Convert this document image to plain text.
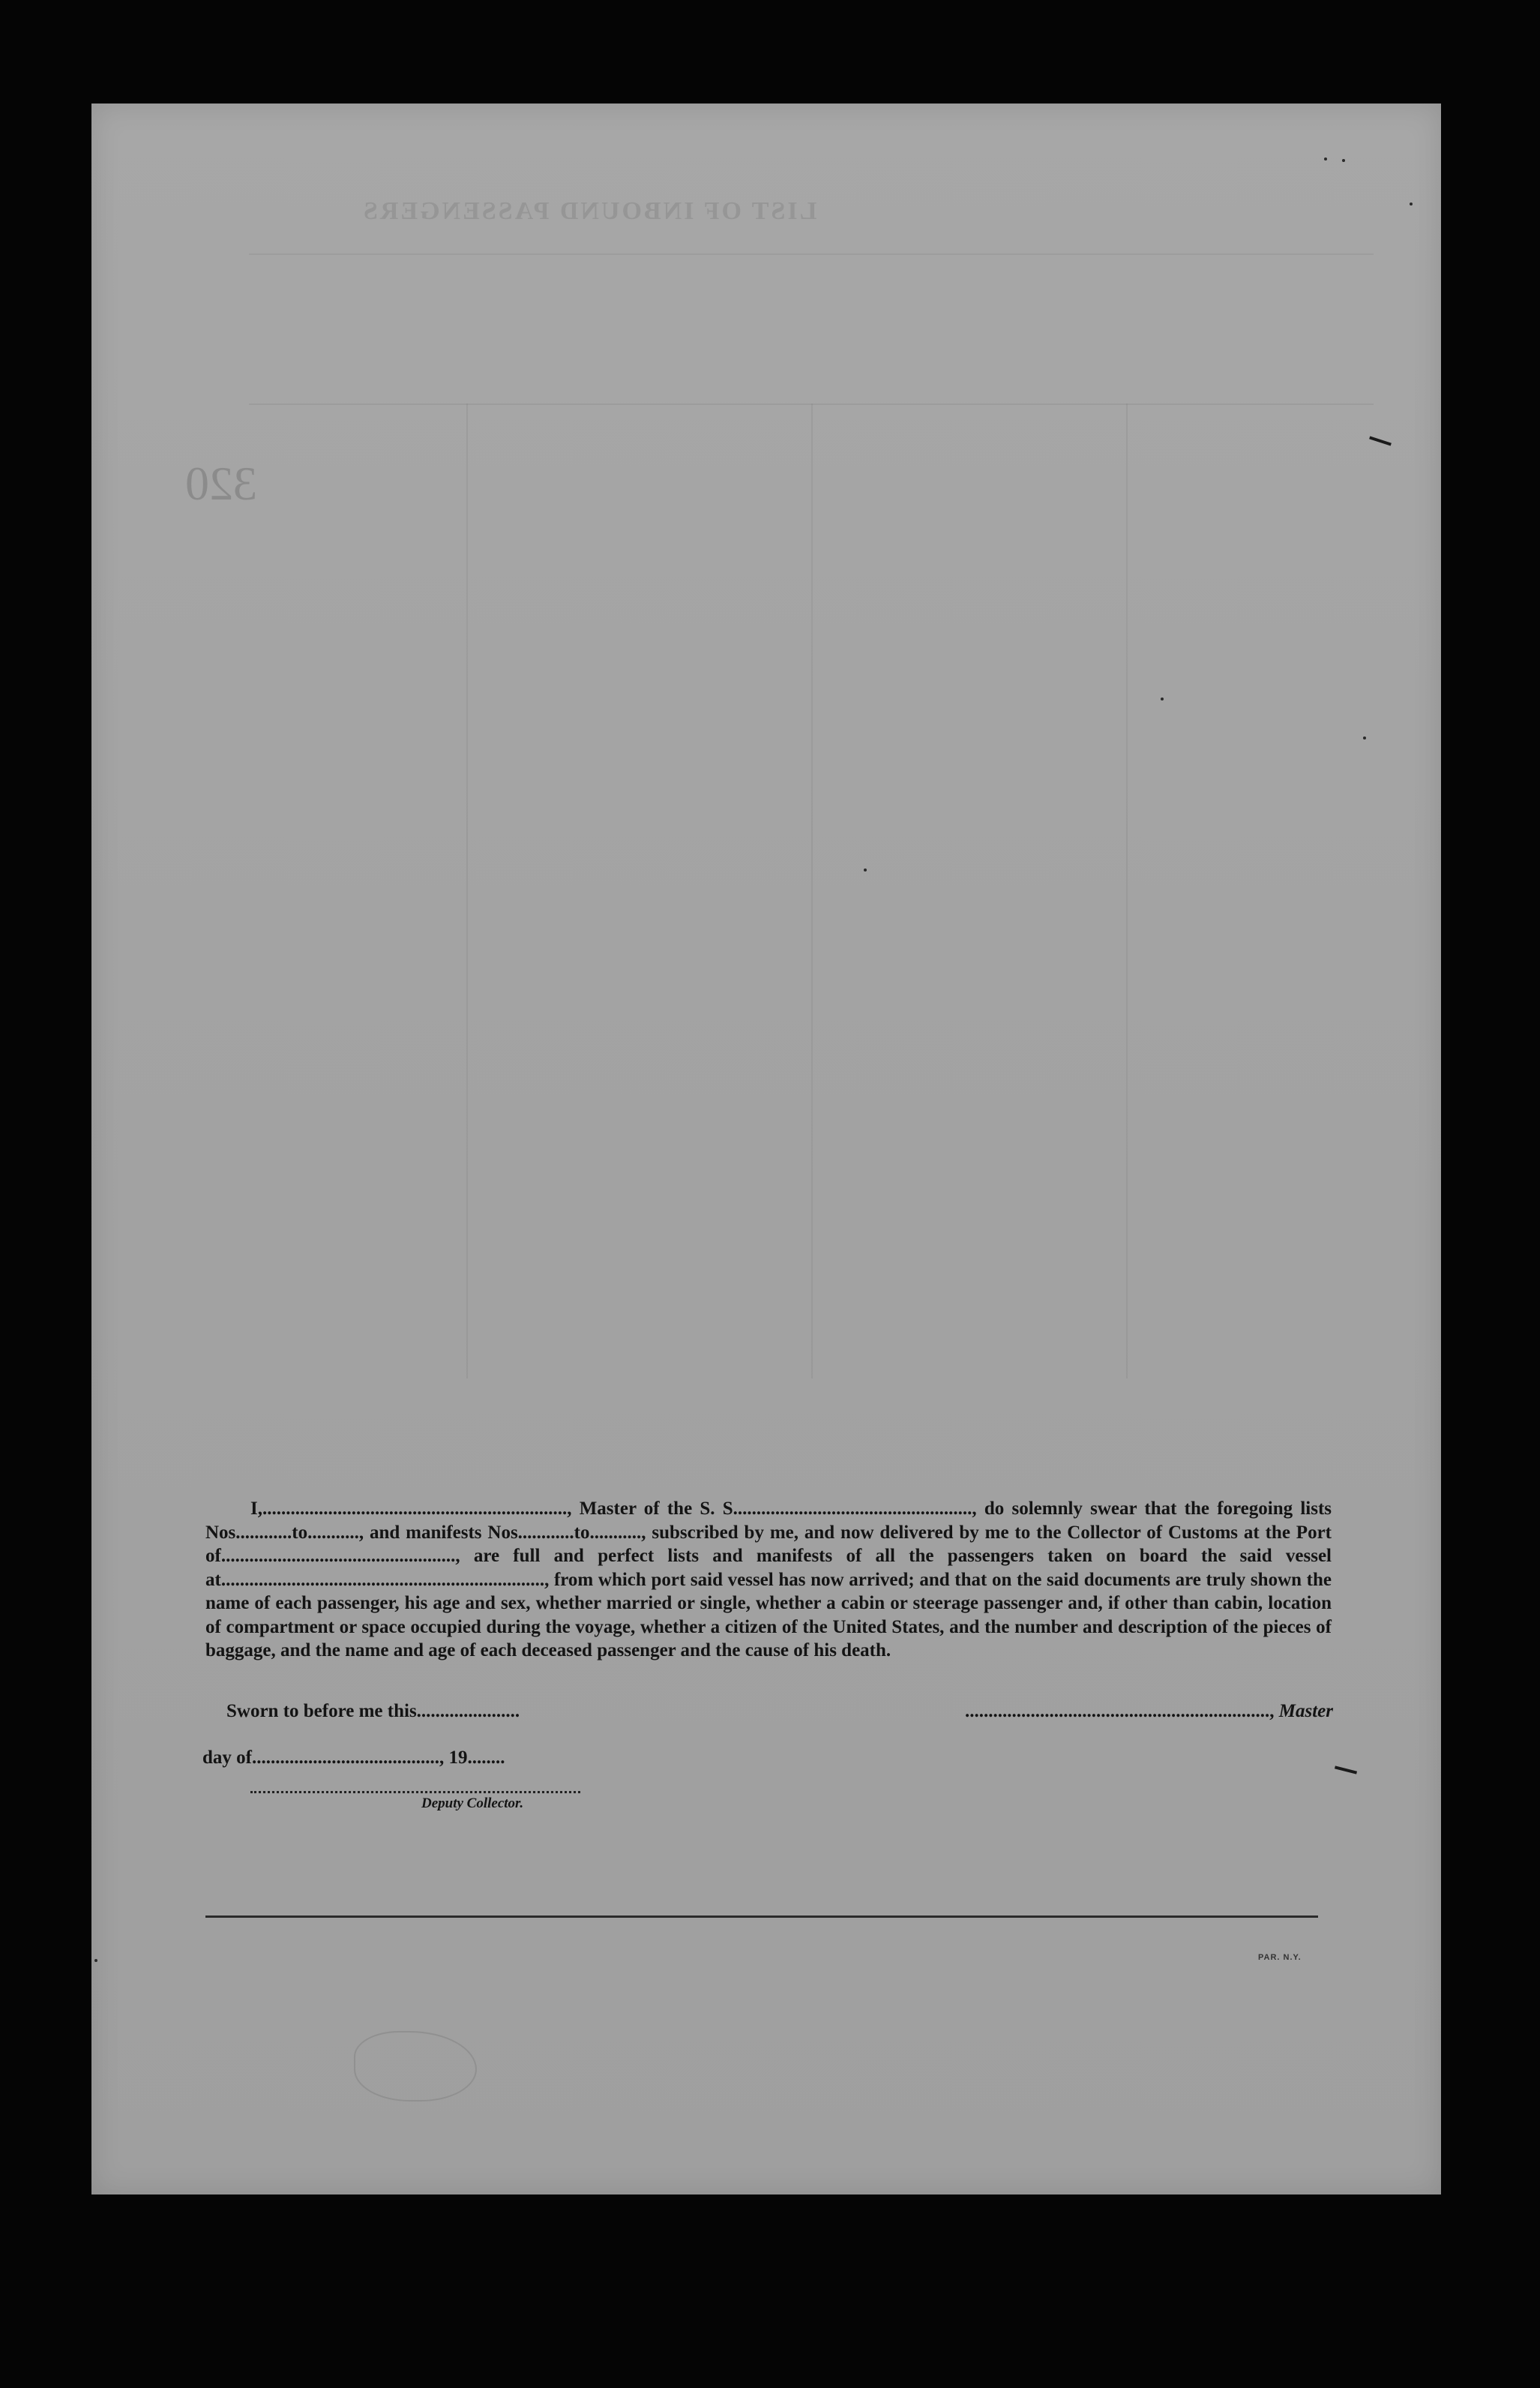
LIST OF INBOUND PASSENGERS
320

I,................................................................., Master of the S. S..................................................., do solemnly swear that the foregoing lists Nos............to..........., and manifests Nos............to..........., subscribed by me, and now delivered by me to the Collector of Customs at the Port of.................................................., are full and perfect lists and manifests of all the passengers taken on board the said vessel at....................................................................., from which port said vessel has now arrived; and that on the said documents are truly shown the name of each passenger, his age and sex, whether married or single, whether a cabin or steerage passenger and, if other than cabin, location of compartment or space occupied during the voyage, whether a citizen of the United States, and the number and description of the pieces of baggage, and the name and age of each deceased passenger and the cause of his death.

Sworn to before me this......................	................................................................., Master
day of........................................, 19........
Deputy Collector.
PAR. N.Y.
